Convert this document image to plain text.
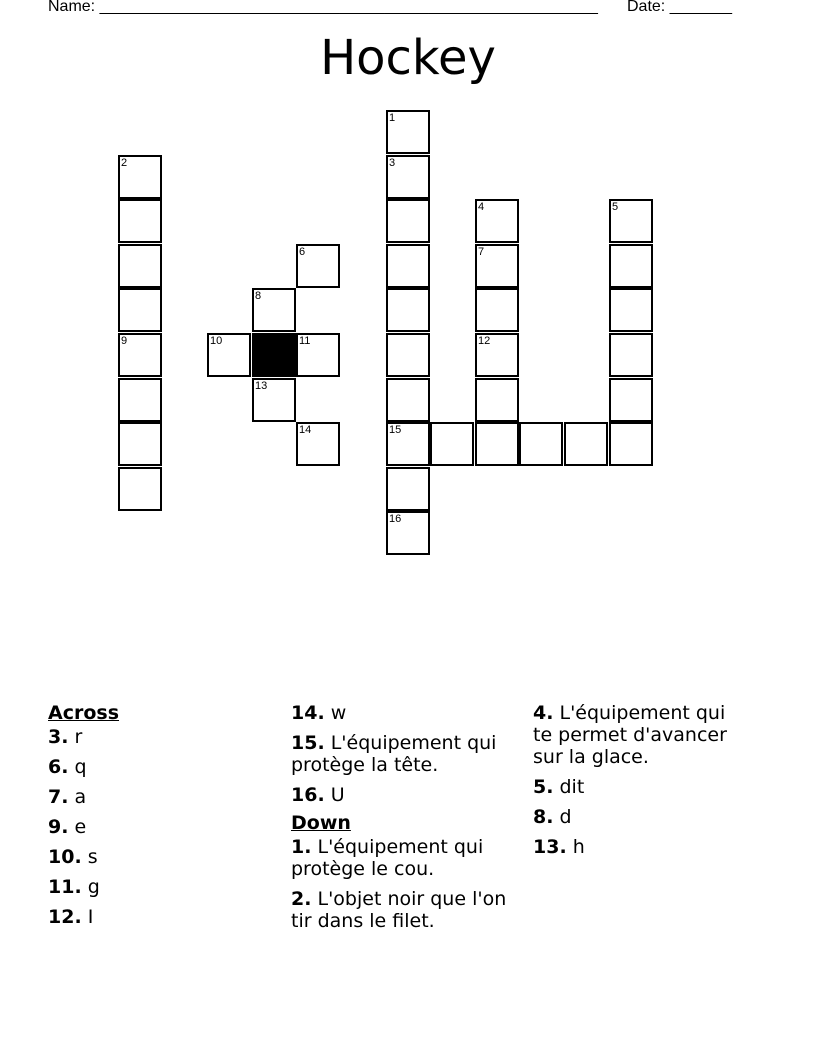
Name: ________________________________________________________ Date: _______
Hockey
1
3
15
16
2
9
4
7
12
5
6
8
10	11
13
14
Across
3. r
6. q
7. a
9. e
10. s
11. g
12. I
14. w
15. L'équipement qui protège la tête.
16. U
Down
1. L'équipement qui protège le cou.
2. L'objet noir que l'on tir dans le filet.
4. L'équipement qui te permet d'avancer sur la glace.
5. dit
8. d
13. h
